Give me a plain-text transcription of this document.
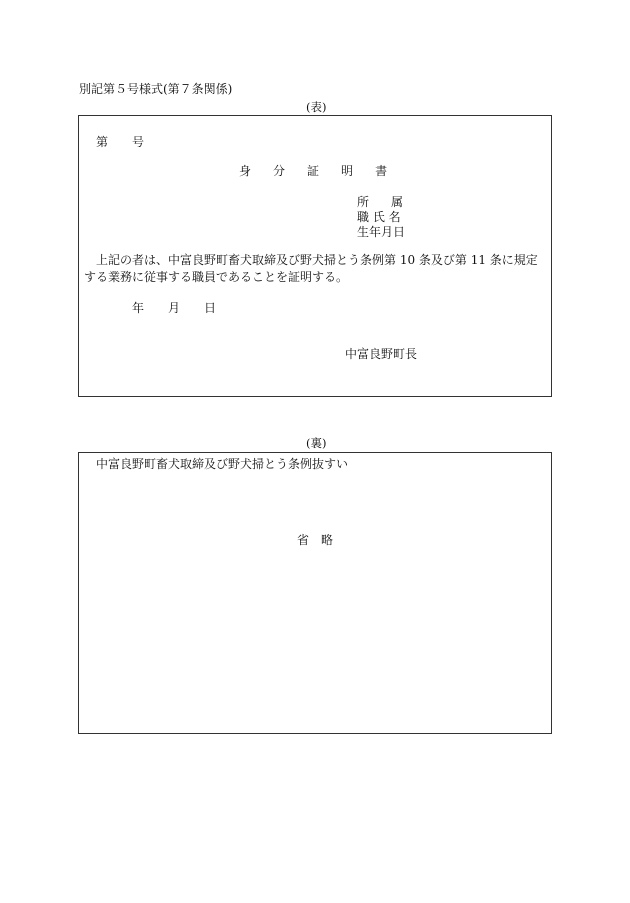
別記第５号様式(第７条関係)
(表)
第 号
身 分 証 明 書
所 属
職 氏 名
生年月日
上記の者は、中富良野町畜犬取締及び野犬掃とう条例第 10 条及び第 11 条に規定する業務に従事する職員であることを証明する。
年 月 日
中富良野町長
(裏)
中富良野町畜犬取締及び野犬掃とう条例抜すい
省 略
